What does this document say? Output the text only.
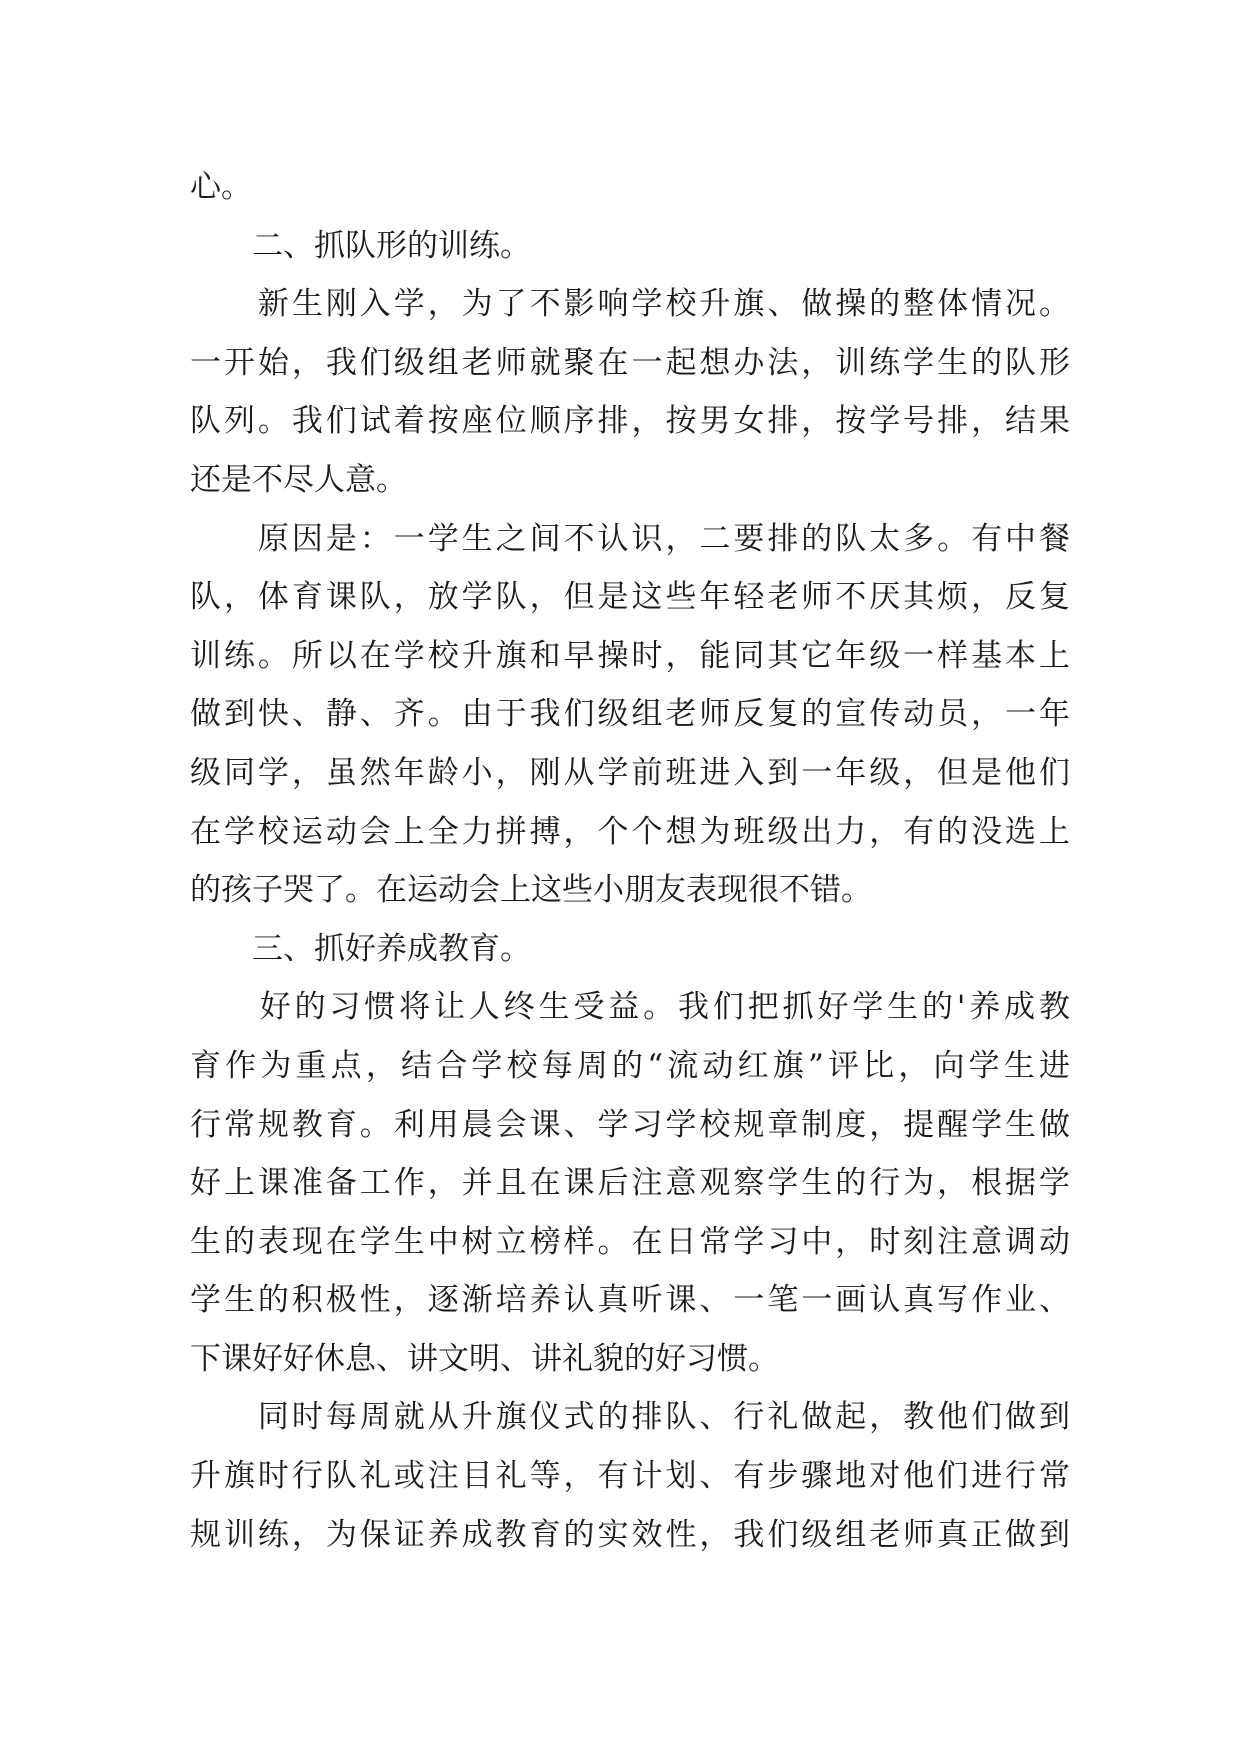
心。
　　二、抓队形的训练。
　　新生刚入学，为了不影响学校升旗、做操的整体情况。
一开始，我们级组老师就聚在一起想办法，训练学生的队形
队列。我们试着按座位顺序排，按男女排，按学号排，结果
还是不尽人意。
　　原因是：一学生之间不认识，二要排的队太多。有中餐
队，体育课队，放学队，但是这些年轻老师不厌其烦，反复
训练。所以在学校升旗和早操时，能同其它年级一样基本上
做到快、静、齐。由于我们级组老师反复的宣传动员，一年
级同学，虽然年龄小，刚从学前班进入到一年级，但是他们
在学校运动会上全力拼搏，个个想为班级出力，有的没选上
的孩子哭了。在运动会上这些小朋友表现很不错。
　　三、抓好养成教育。
　　好的习惯将让人终生受益。我们把抓好学生的'养成教
育作为重点，结合学校每周的“流动红旗”评比，向学生进
行常规教育。利用晨会课、学习学校规章制度，提醒学生做
好上课准备工作，并且在课后注意观察学生的行为，根据学
生的表现在学生中树立榜样。在日常学习中，时刻注意调动
学生的积极性，逐渐培养认真听课、一笔一画认真写作业、
下课好好休息、讲文明、讲礼貌的好习惯。
　　同时每周就从升旗仪式的排队、行礼做起，教他们做到
升旗时行队礼或注目礼等，有计划、有步骤地对他们进行常
规训练，为保证养成教育的实效性，我们级组老师真正做到
